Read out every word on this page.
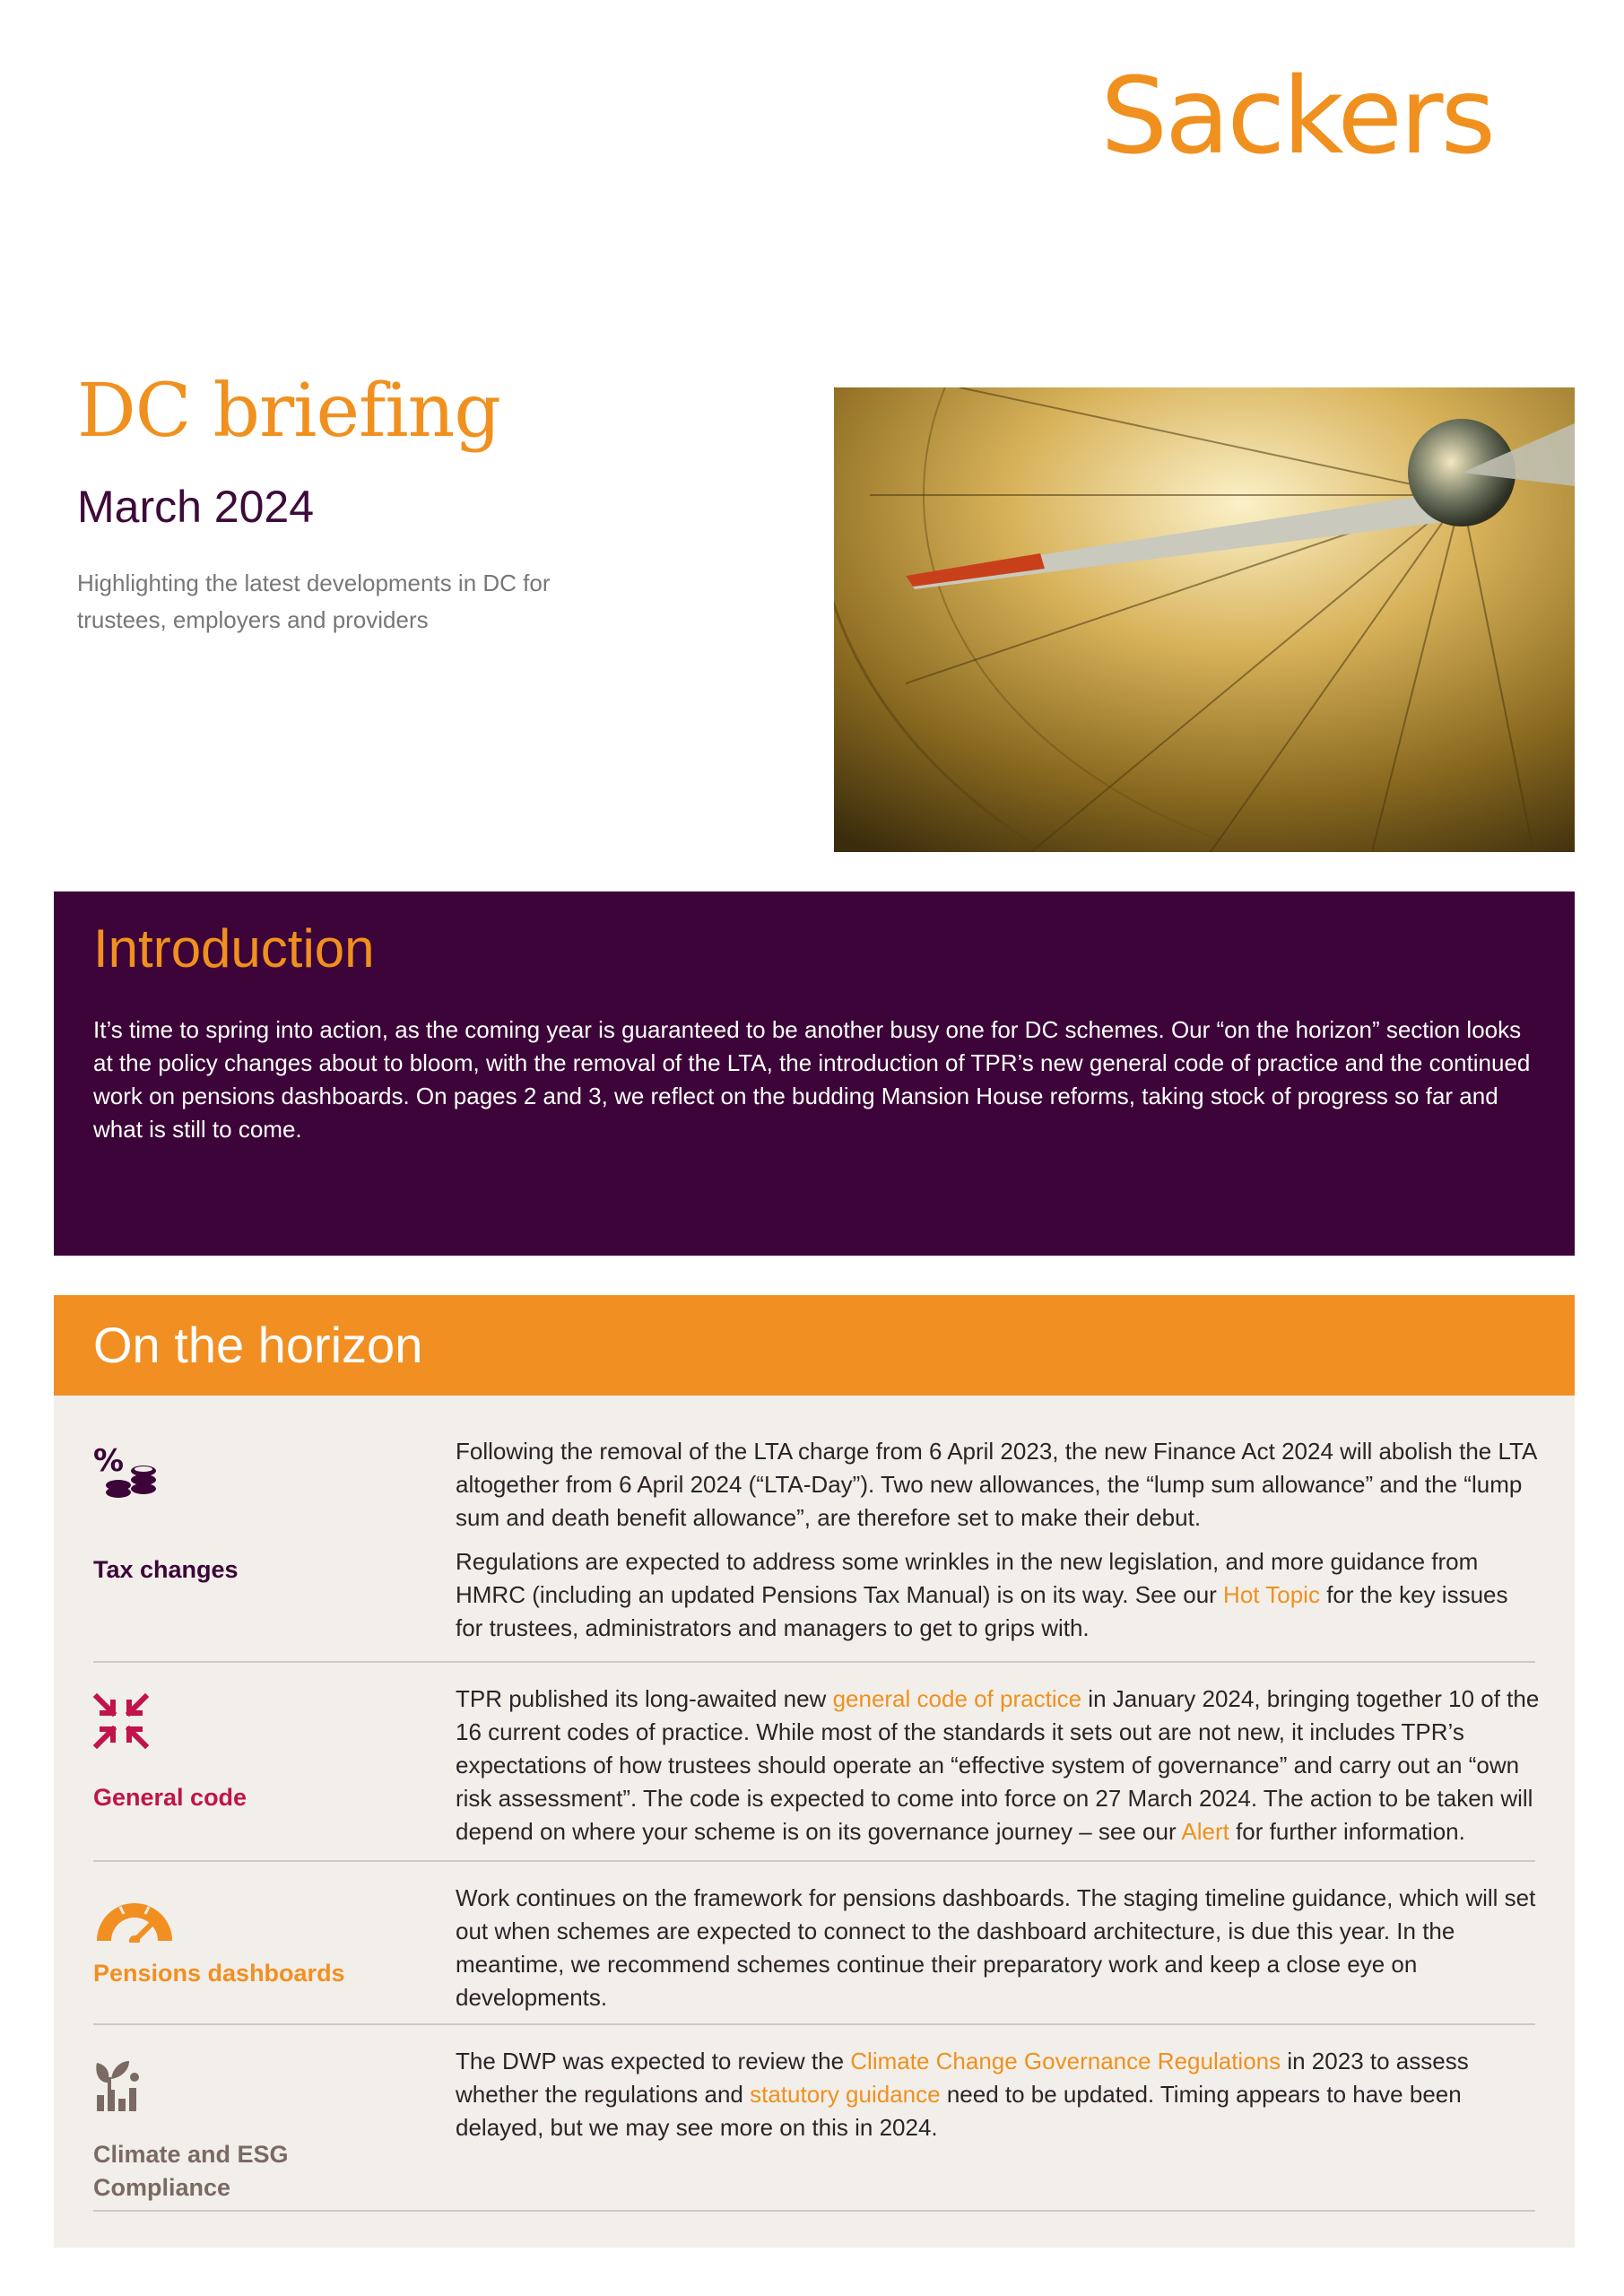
Sackers
DC briefing
March 2024
Highlighting the latest developments in DC for trustees, employers and providers
Introduction

It’s time to spring into action, as the coming year is guaranteed to be another busy one for DC schemes. Our “on the horizon” section looks at the policy changes about to bloom, with the removal of the LTA, the introduction of TPR’s new general code of practice and the continued work on pensions dashboards. On pages 2 and 3, we reflect on the budding Mansion House reforms, taking stock of progress so far and what is still to come.

On the horizon
%
Tax changes

Following the removal of the LTA charge from 6 April 2023, the new Finance Act 2024 will abolish the LTA altogether from 6 April 2024 (“LTA-Day”). Two new allowances, the “lump sum allowance” and the “lump sum and death benefit allowance”, are therefore set to make their debut.

Regulations are expected to address some wrinkles in the new legislation, and more guidance from HMRC (including an updated Pensions Tax Manual) is on its way. See our Hot Topic for the key issues for trustees, administrators and managers to get to grips with.

General code

TPR published its long-awaited new general code of practice in January 2024, bringing together 10 of the 16 current codes of practice. While most of the standards it sets out are not new, it includes TPR’s expectations of how trustees should operate an “effective system of governance” and carry out an “own risk assessment”. The code is expected to come into force on 27 March 2024. The action to be taken will depend on where your scheme is on its governance journey – see our Alert for further information.

Pensions dashboards

Work continues on the framework for pensions dashboards. The staging timeline guidance, which will set out when schemes are expected to connect to the dashboard architecture, is due this year. In the meantime, we recommend schemes continue their preparatory work and keep a close eye on developments.

Climate and ESG Compliance

The DWP was expected to review the Climate Change Governance Regulations in 2023 to assess whether the regulations and statutory guidance need to be updated. Timing appears to have been delayed, but we may see more on this in 2024.
